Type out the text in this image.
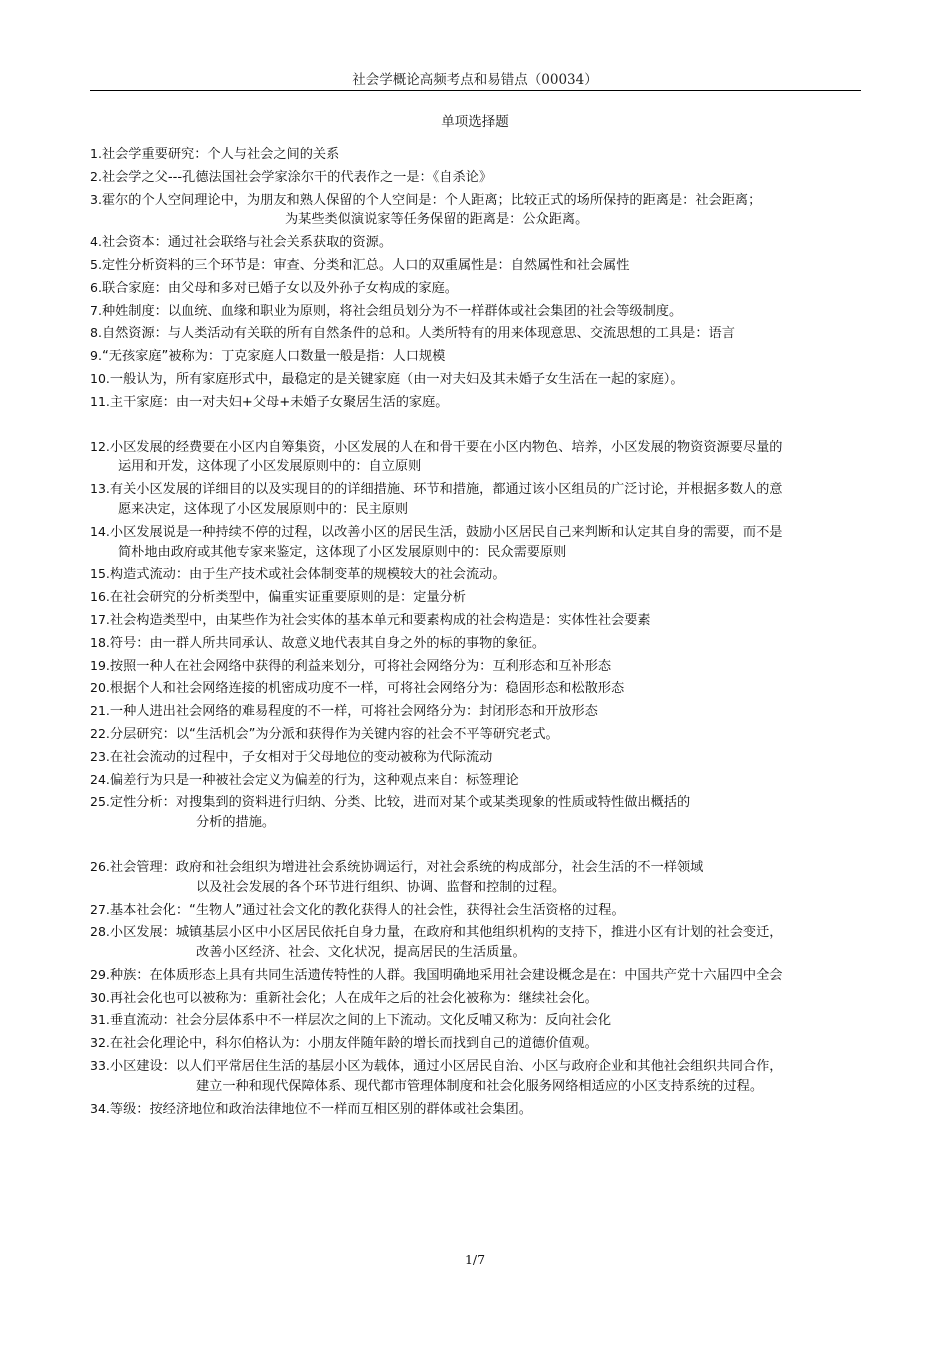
社会学概论高频考点和易错点（00034）
单项选择题
1.社会学重要研究：个人与社会之间的关系
2.社会学之父---孔德法国社会学家涂尔干的代表作之一是：《自杀论》
3.霍尔的个人空间理论中，为朋友和熟人保留的个人空间是：个人距离；比较正式的场所保持的距离是：社会距离；
为某些类似演说家等任务保留的距离是：公众距离。
4.社会资本：通过社会联络与社会关系获取的资源。
5.定性分析资料的三个环节是：审查、分类和汇总。人口的双重属性是：自然属性和社会属性
6.联合家庭：由父母和多对已婚子女以及外孙子女构成的家庭。
7.种姓制度：以血统、血缘和职业为原则，将社会组员划分为不一样群体或社会集团的社会等级制度。
8.自然资源：与人类活动有关联的所有自然条件的总和。人类所特有的用来体现意思、交流思想的工具是：语言
9.“无孩家庭”被称为：丁克家庭人口数量一般是指：人口规模
10.一般认为，所有家庭形式中，最稳定的是关键家庭（由一对夫妇及其未婚子女生活在一起的家庭）。
11.主干家庭：由一对夫妇+父母+未婚子女聚居生活的家庭。
12.小区发展的经费要在小区内自筹集资，小区发展的人在和骨干要在小区内物色、培养，小区发展的物资资源要尽量的
运用和开发，这体现了小区发展原则中的：自立原则
13.有关小区发展的详细目的以及实现目的的详细措施、环节和措施，都通过该小区组员的广泛讨论，并根据多数人的意
愿来决定，这体现了小区发展原则中的：民主原则
14.小区发展说是一种持续不停的过程，以改善小区的居民生活，鼓励小区居民自己来判断和认定其自身的需要，而不是
简朴地由政府或其他专家来鉴定，这体现了小区发展原则中的：民众需要原则
15.构造式流动：由于生产技术或社会体制变革的规模较大的社会流动。
16.在社会研究的分析类型中，偏重实证重要原则的是：定量分析
17.社会构造类型中，由某些作为社会实体的基本单元和要素构成的社会构造是：实体性社会要素
18.符号：由一群人所共同承认、故意义地代表其自身之外的标的事物的象征。
19.按照一种人在社会网络中获得的利益来划分，可将社会网络分为：互利形态和互补形态
20.根据个人和社会网络连接的机密成功度不一样，可将社会网络分为：稳固形态和松散形态
21.一种人进出社会网络的难易程度的不一样，可将社会网络分为：封闭形态和开放形态
22.分层研究：以“生活机会”为分派和获得作为关键内容的社会不平等研究老式。
23.在社会流动的过程中，子女相对于父母地位的变动被称为代际流动
24.偏差行为只是一种被社会定义为偏差的行为，这种观点来自：标签理论
25.定性分析：对搜集到的资料进行归纳、分类、比较，进而对某个或某类现象的性质或特性做出概括的
分析的措施。
26.社会管理：政府和社会组织为增进社会系统协调运行，对社会系统的构成部分，社会生活的不一样领域
以及社会发展的各个环节进行组织、协调、监督和控制的过程。
27.基本社会化：“生物人”通过社会文化的教化获得人的社会性，获得社会生活资格的过程。
28.小区发展：城镇基层小区中小区居民依托自身力量，在政府和其他组织机构的支持下，推进小区有计划的社会变迁，
改善小区经济、社会、文化状况，提高居民的生活质量。
29.种族：在体质形态上具有共同生活遗传特性的人群。我国明确地采用社会建设概念是在：中国共产党十六届四中全会
30.再社会化也可以被称为：重新社会化；人在成年之后的社会化被称为：继续社会化。
31.垂直流动：社会分层体系中不一样层次之间的上下流动。文化反哺又称为：反向社会化
32.在社会化理论中，科尔伯格认为：小朋友伴随年龄的增长而找到自己的道德价值观。
33.小区建设：以人们平常居住生活的基层小区为载体，通过小区居民自治、小区与政府企业和其他社会组织共同合作，
建立一种和现代保障体系、现代都市管理体制度和社会化服务网络相适应的小区支持系统的过程。
34.等级：按经济地位和政治法律地位不一样而互相区别的群体或社会集团。
1/7
